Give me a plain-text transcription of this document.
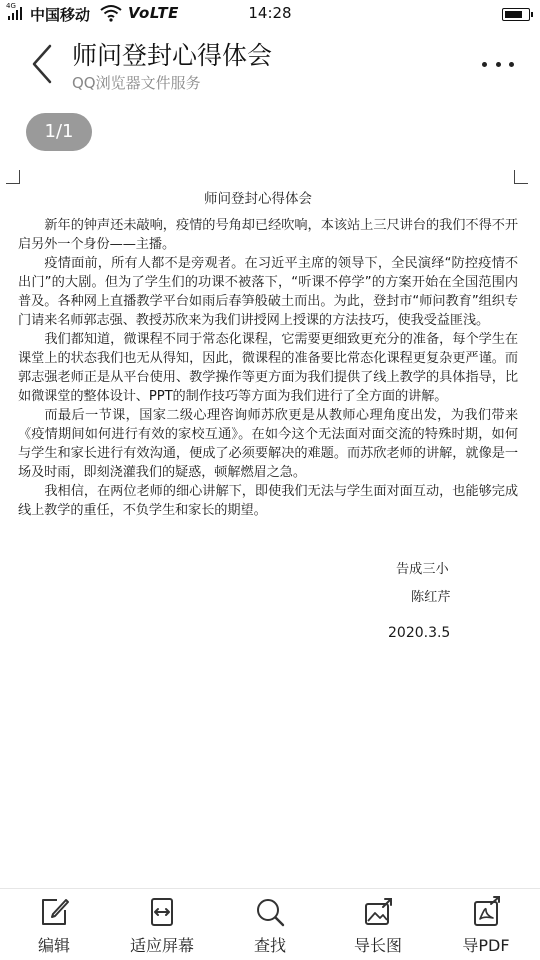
4G 中国移动	VoLTE	14:28
师问登封心得体会
QQ浏览器文件服务
1/1
师问登封心得体会

新年的钟声还未敲响，疫情的号角却已经吹响，本该站上三尺讲台的我们不得不开启另外一个身份——主播。

疫情面前，所有人都不是旁观者。在习近平主席的领导下，全民演绎“防控疫情不出门”的大剧。但为了学生们的功课不被落下，“听课不停学”的方案开始在全国范围内普及。各种网上直播教学平台如雨后春笋般破土而出。为此，登封市“师问教育”组织专门请来名师郭志强、教授苏欣来为我们讲授网上授课的方法技巧，使我受益匪浅。

我们都知道，微课程不同于常态化课程，它需要更细致更充分的准备，每个学生在课堂上的状态我们也无从得知，因此，微课程的准备要比常态化课程更复杂更严谨。而郭志强老师正是从平台使用、教学操作等更方面为我们提供了线上教学的具体指导，比如微课堂的整体设计、PPT的制作技巧等方面为我们进行了全方面的讲解。

而最后一节课，国家二级心理咨询师苏欣更是从教师心理角度出发，为我们带来《疫情期间如何进行有效的家校互通》。在如今这个无法面对面交流的特殊时期，如何与学生和家长进行有效沟通，便成了必须要解决的难题。而苏欣老师的讲解，就像是一场及时雨，即刻浇灌我们的疑惑，顿解燃眉之急。

我相信，在两位老师的细心讲解下，即使我们无法与学生面对面互动，也能够完成线上教学的重任，不负学生和家长的期望。

告成三小
陈红芹
2020.3.5
编辑	适应屏幕	查找	导长图	导PDF
